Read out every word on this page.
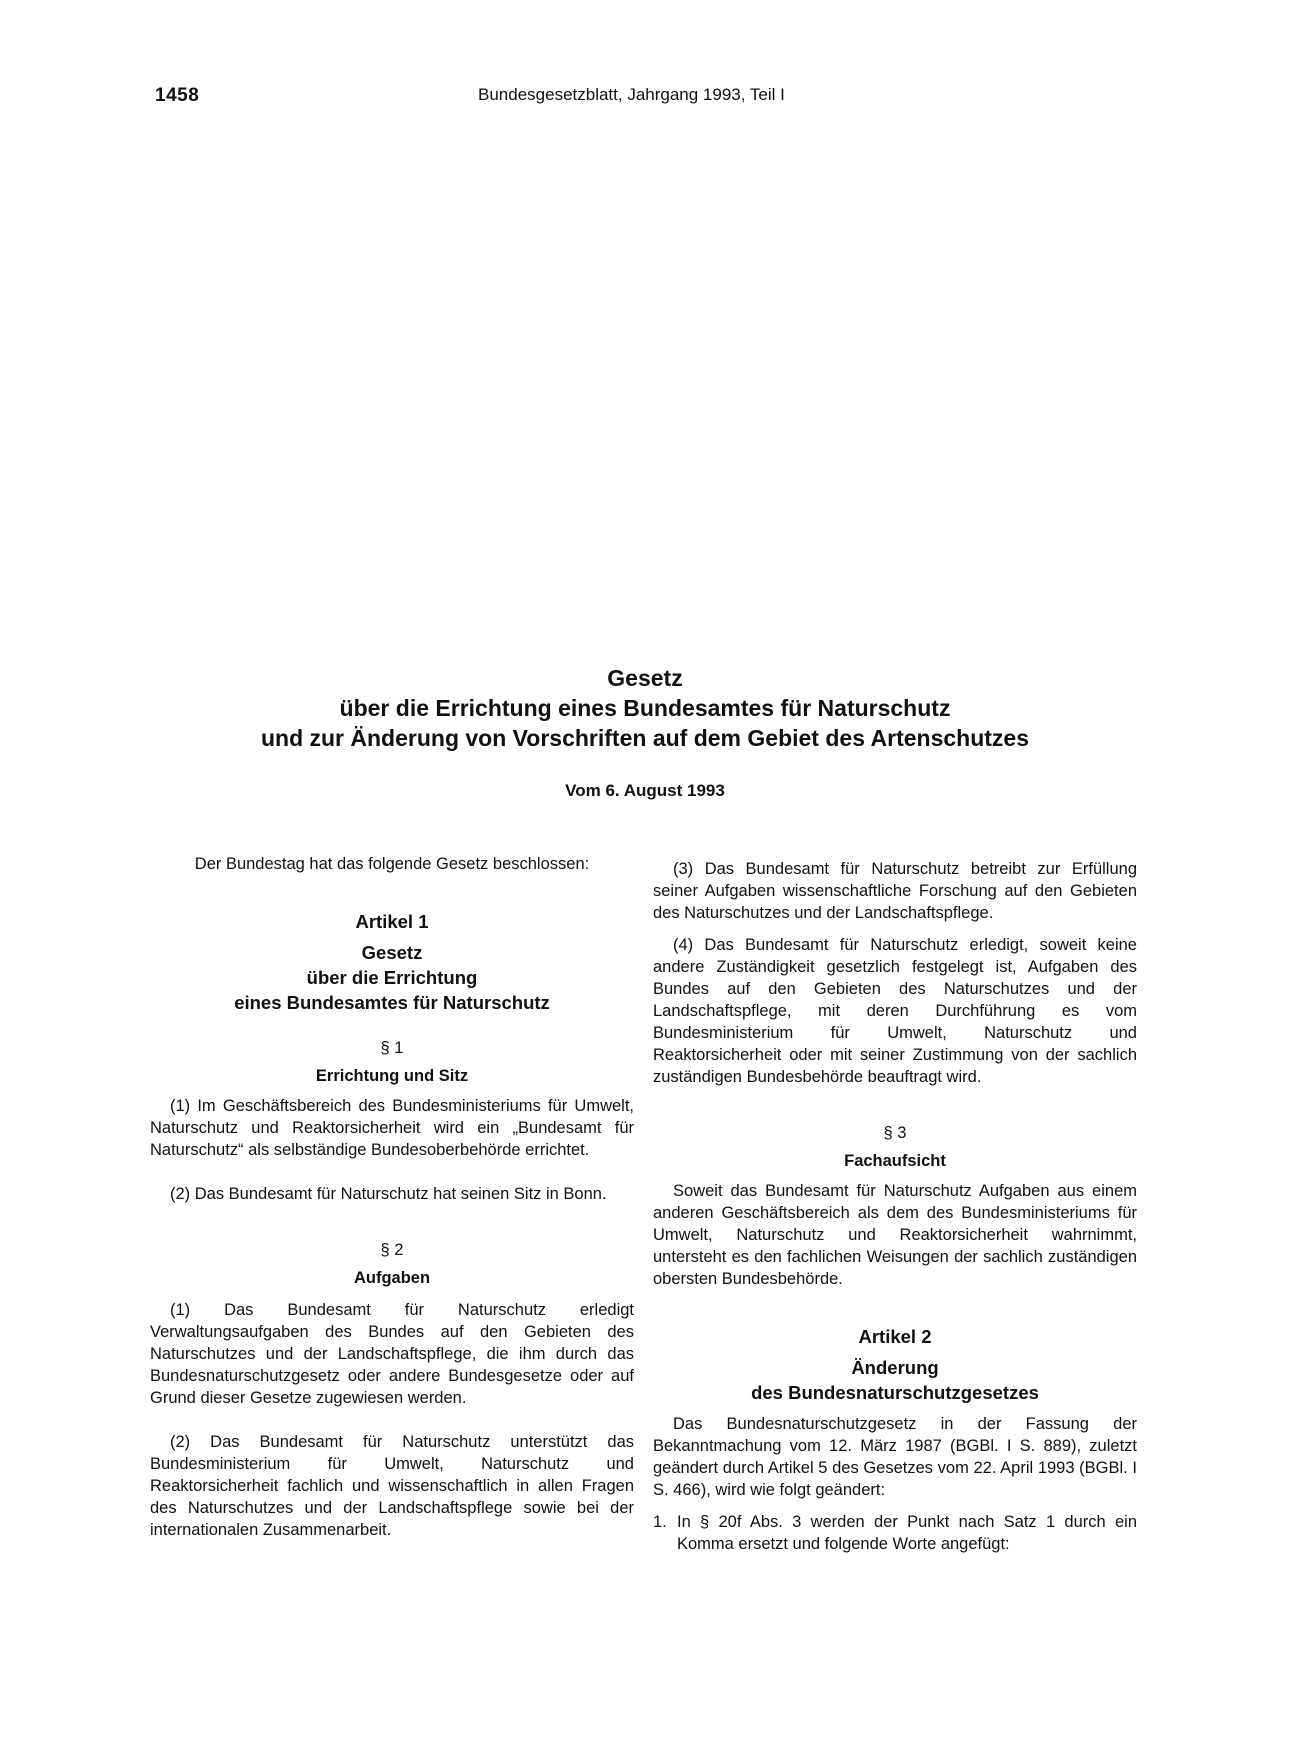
1458	Bundesgesetzblatt, Jahrgang 1993, Teil I
Gesetz
über die Errichtung eines Bundesamtes für Naturschutz
und zur Änderung von Vorschriften auf dem Gebiet des Artenschutzes
Vom 6. August 1993

Der Bundestag hat das folgende Gesetz beschlossen:

Artikel 1
Gesetz
über die Errichtung
eines Bundesamtes für Naturschutz
§ 1
Errichtung und Sitz

(1) Im Geschäftsbereich des Bundesministeriums für Umwelt, Naturschutz und Reaktorsicherheit wird ein „Bundesamt für Naturschutz“ als selbständige Bundesoberbehörde errichtet.

(2) Das Bundesamt für Naturschutz hat seinen Sitz in Bonn.

§ 2
Aufgaben

(1) Das Bundesamt für Naturschutz erledigt Verwaltungsaufgaben des Bundes auf den Gebieten des Naturschutzes und der Landschaftspflege, die ihm durch das Bundesnaturschutzgesetz oder andere Bundesgesetze oder auf Grund dieser Gesetze zugewiesen werden.

(2) Das Bundesamt für Naturschutz unterstützt das Bundesministerium für Umwelt, Naturschutz und Reaktorsicherheit fachlich und wissenschaftlich in allen Fragen des Naturschutzes und der Landschaftspflege sowie bei der internationalen Zusammenarbeit.

(3) Das Bundesamt für Naturschutz betreibt zur Erfüllung seiner Aufgaben wissenschaftliche Forschung auf den Gebieten des Naturschutzes und der Landschaftspflege.

(4) Das Bundesamt für Naturschutz erledigt, soweit keine andere Zuständigkeit gesetzlich festgelegt ist, Aufgaben des Bundes auf den Gebieten des Naturschutzes und der Landschaftspflege, mit deren Durchführung es vom Bundesministerium für Umwelt, Naturschutz und Reaktorsicherheit oder mit seiner Zustimmung von der sachlich zuständigen Bundesbehörde beauftragt wird.

§ 3
Fachaufsicht

Soweit das Bundesamt für Naturschutz Aufgaben aus einem anderen Geschäftsbereich als dem des Bundesministeriums für Umwelt, Naturschutz und Reaktorsicherheit wahrnimmt, untersteht es den fachlichen Weisungen der sachlich zuständigen obersten Bundesbehörde.

Artikel 2
Änderung
des Bundesnaturschutzgesetzes

Das Bundesnaturschutzgesetz in der Fassung der Bekanntmachung vom 12. März 1987 (BGBl. I S. 889), zuletzt geändert durch Artikel 5 des Gesetzes vom 22. April 1993 (BGBl. I S. 466), wird wie folgt geändert:

1. In § 20f Abs. 3 werden der Punkt nach Satz 1 durch ein Komma ersetzt und folgende Worte angefügt:
